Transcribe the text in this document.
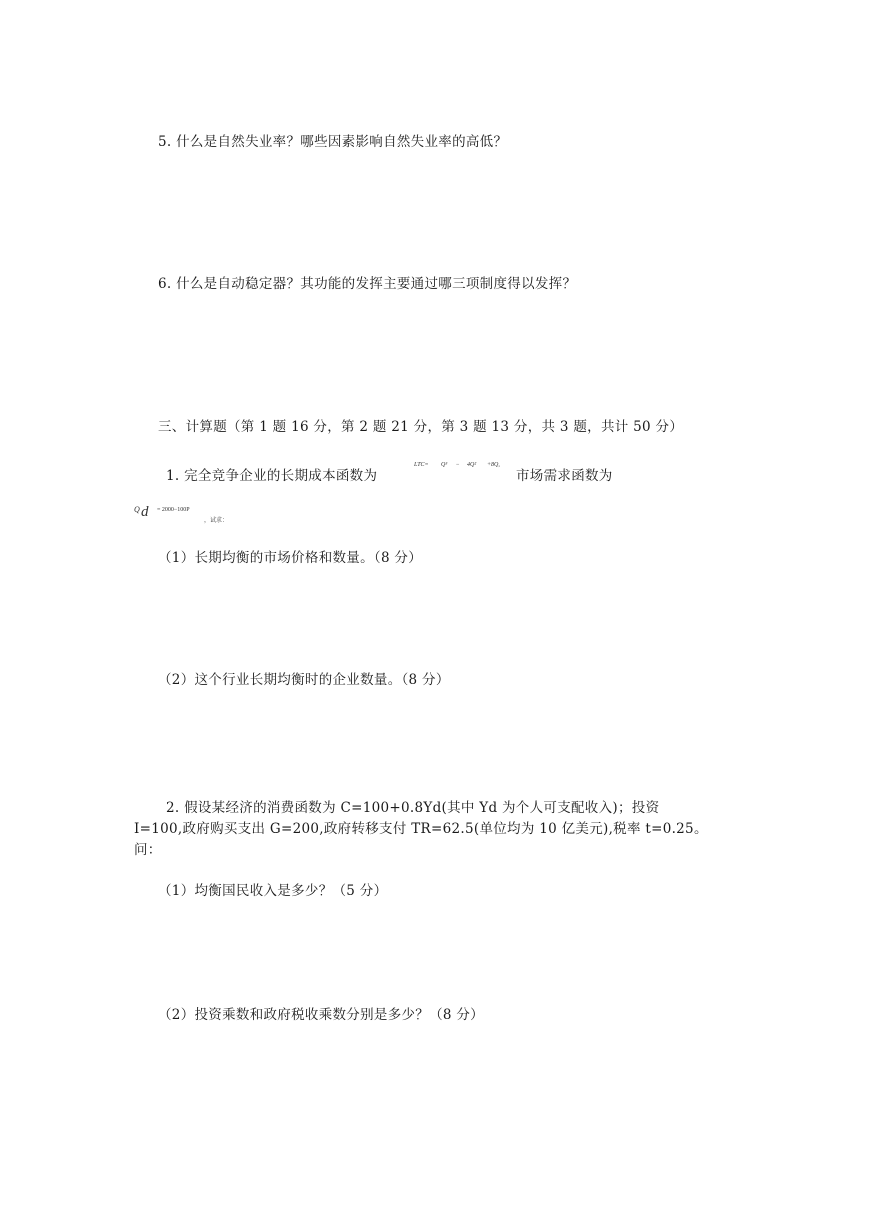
5. 什么是自然失业率？哪些因素影响自然失业率的高低？
6. 什么是自动稳定器？其功能的发挥主要通过哪三项制度得以发挥？
三、计算题（第 1 题 16 分，第 2 题 21 分，第 3 题 13 分，共 3 题，共计 50 分）
1. 完全竞争企业的长期成本函数为
LTC= Q³ − 4Q² +8Q,
市场需求函数为
Q d = 2000−100P
，试求：
（1）长期均衡的市场价格和数量。（8 分）
（2）这个行业长期均衡时的企业数量。（8 分）
2. 假设某经济的消费函数为 C=100+0.8Yd(其中 Yd 为个人可支配收入)；投资
I=100,政府购买支出 G=200,政府转移支付 TR=62.5(单位均为 10 亿美元),税率 t=0.25。
问：
（1）均衡国民收入是多少？（5 分）
（2）投资乘数和政府税收乘数分别是多少？（8 分）
